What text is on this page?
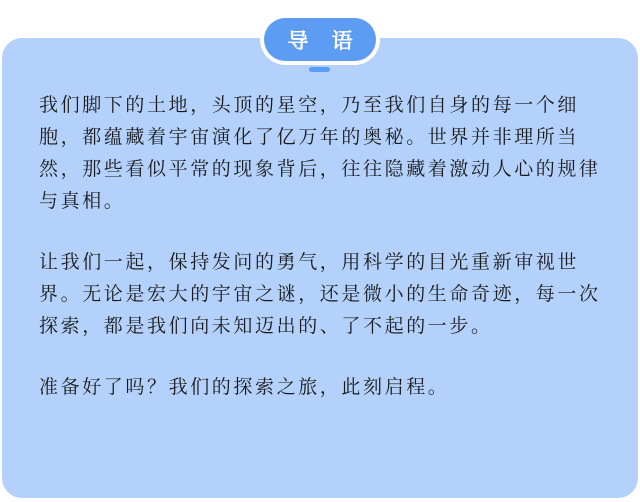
导 语

我们脚下的土地，头顶的星空，乃至我们自身的每一个细胞，都蕴藏着宇宙演化了亿万年的奥秘。世界并非理所当然，那些看似平常的现象背后，往往隐藏着激动人心的规律与真相。

让我们一起，保持发问的勇气，用科学的目光重新审视世界。无论是宏大的宇宙之谜，还是微小的生命奇迹，每一次探索，都是我们向未知迈出的、了不起的一步。

准备好了吗？我们的探索之旅，此刻启程。
